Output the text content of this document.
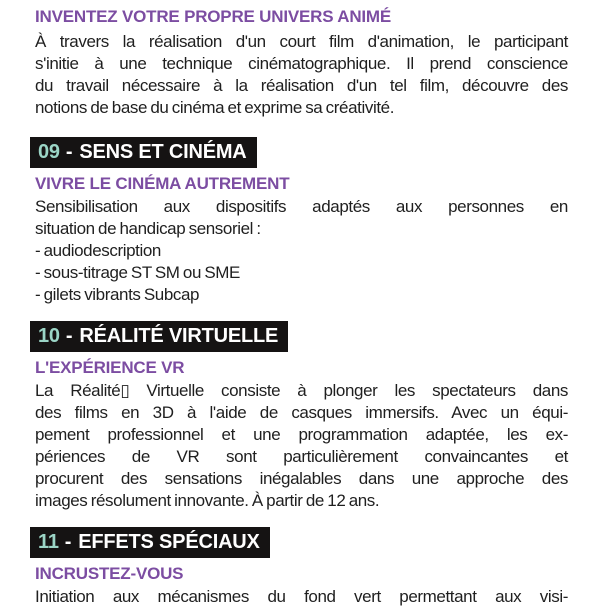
INVENTEZ VOTRE PROPRE UNIVERS ANIMÉ
À travers la réalisation d'un court film d'animation, le participant
s'initie à une technique cinématographique. Il prend conscience
du travail nécessaire à la réalisation d'un tel film, découvre des
notions de base du cinéma et exprime sa créativité.
09 - SENS ET CINÉMA
VIVRE LE CINÉMA AUTREMENT
Sensibilisation aux dispositifs adaptés aux personnes en
situation de handicap sensoriel :
- audiodescription
- sous-titrage ST SM ou SME
- gilets vibrants Subcap
10 - RÉALITÉ VIRTUELLE
L'EXPÉRIENCE VR
La Réalité▯ Virtuelle consiste à plonger les spectateurs dans
des films en 3D à l'aide de casques immersifs. Avec un équi-
pement professionnel et une programmation adaptée, les ex-
périences de VR sont particulièrement convaincantes et
procurent des sensations inégalables dans une approche des
images résolument innovante. À partir de 12 ans.
11 - EFFETS SPÉCIAUX
INCRUSTEZ-VOUS
Initiation aux mécanismes du fond vert permettant aux visi-
